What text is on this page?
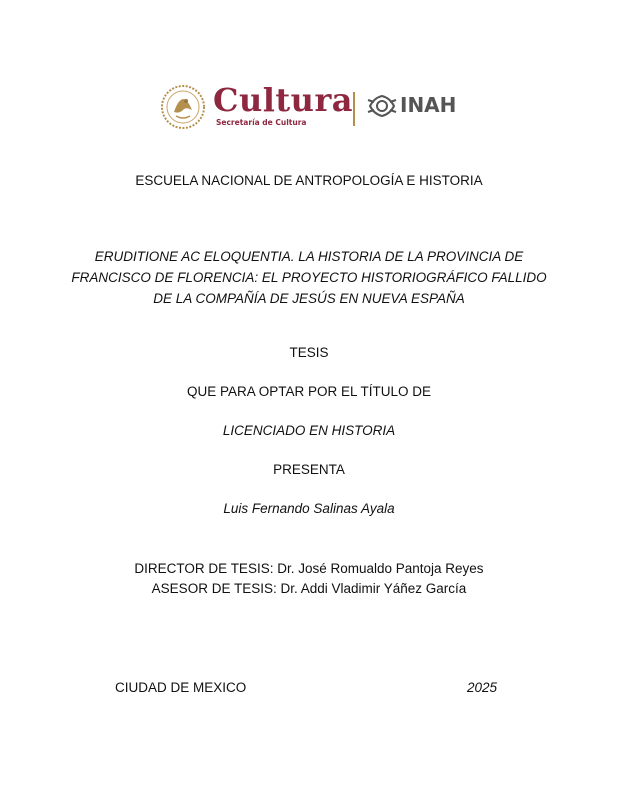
Cultura
Secretaría de Cultura
INAH
ESCUELA NACIONAL DE ANTROPOLOGÍA E HISTORIA
ERUDITIONE AC ELOQUENTIA. LA HISTORIA DE LA PROVINCIA DE
FRANCISCO DE FLORENCIA: EL PROYECTO HISTORIOGRÁFICO FALLIDO
DE LA COMPAÑÍA DE JESÚS EN NUEVA ESPAÑA
TESIS
QUE PARA OPTAR POR EL TÍTULO DE
LICENCIADO EN HISTORIA
PRESENTA
Luis Fernando Salinas Ayala
DIRECTOR DE TESIS: Dr. José Romualdo Pantoja Reyes
ASESOR DE TESIS: Dr. Addi Vladimir Yáñez García
CIUDAD DE MEXICO	2025
